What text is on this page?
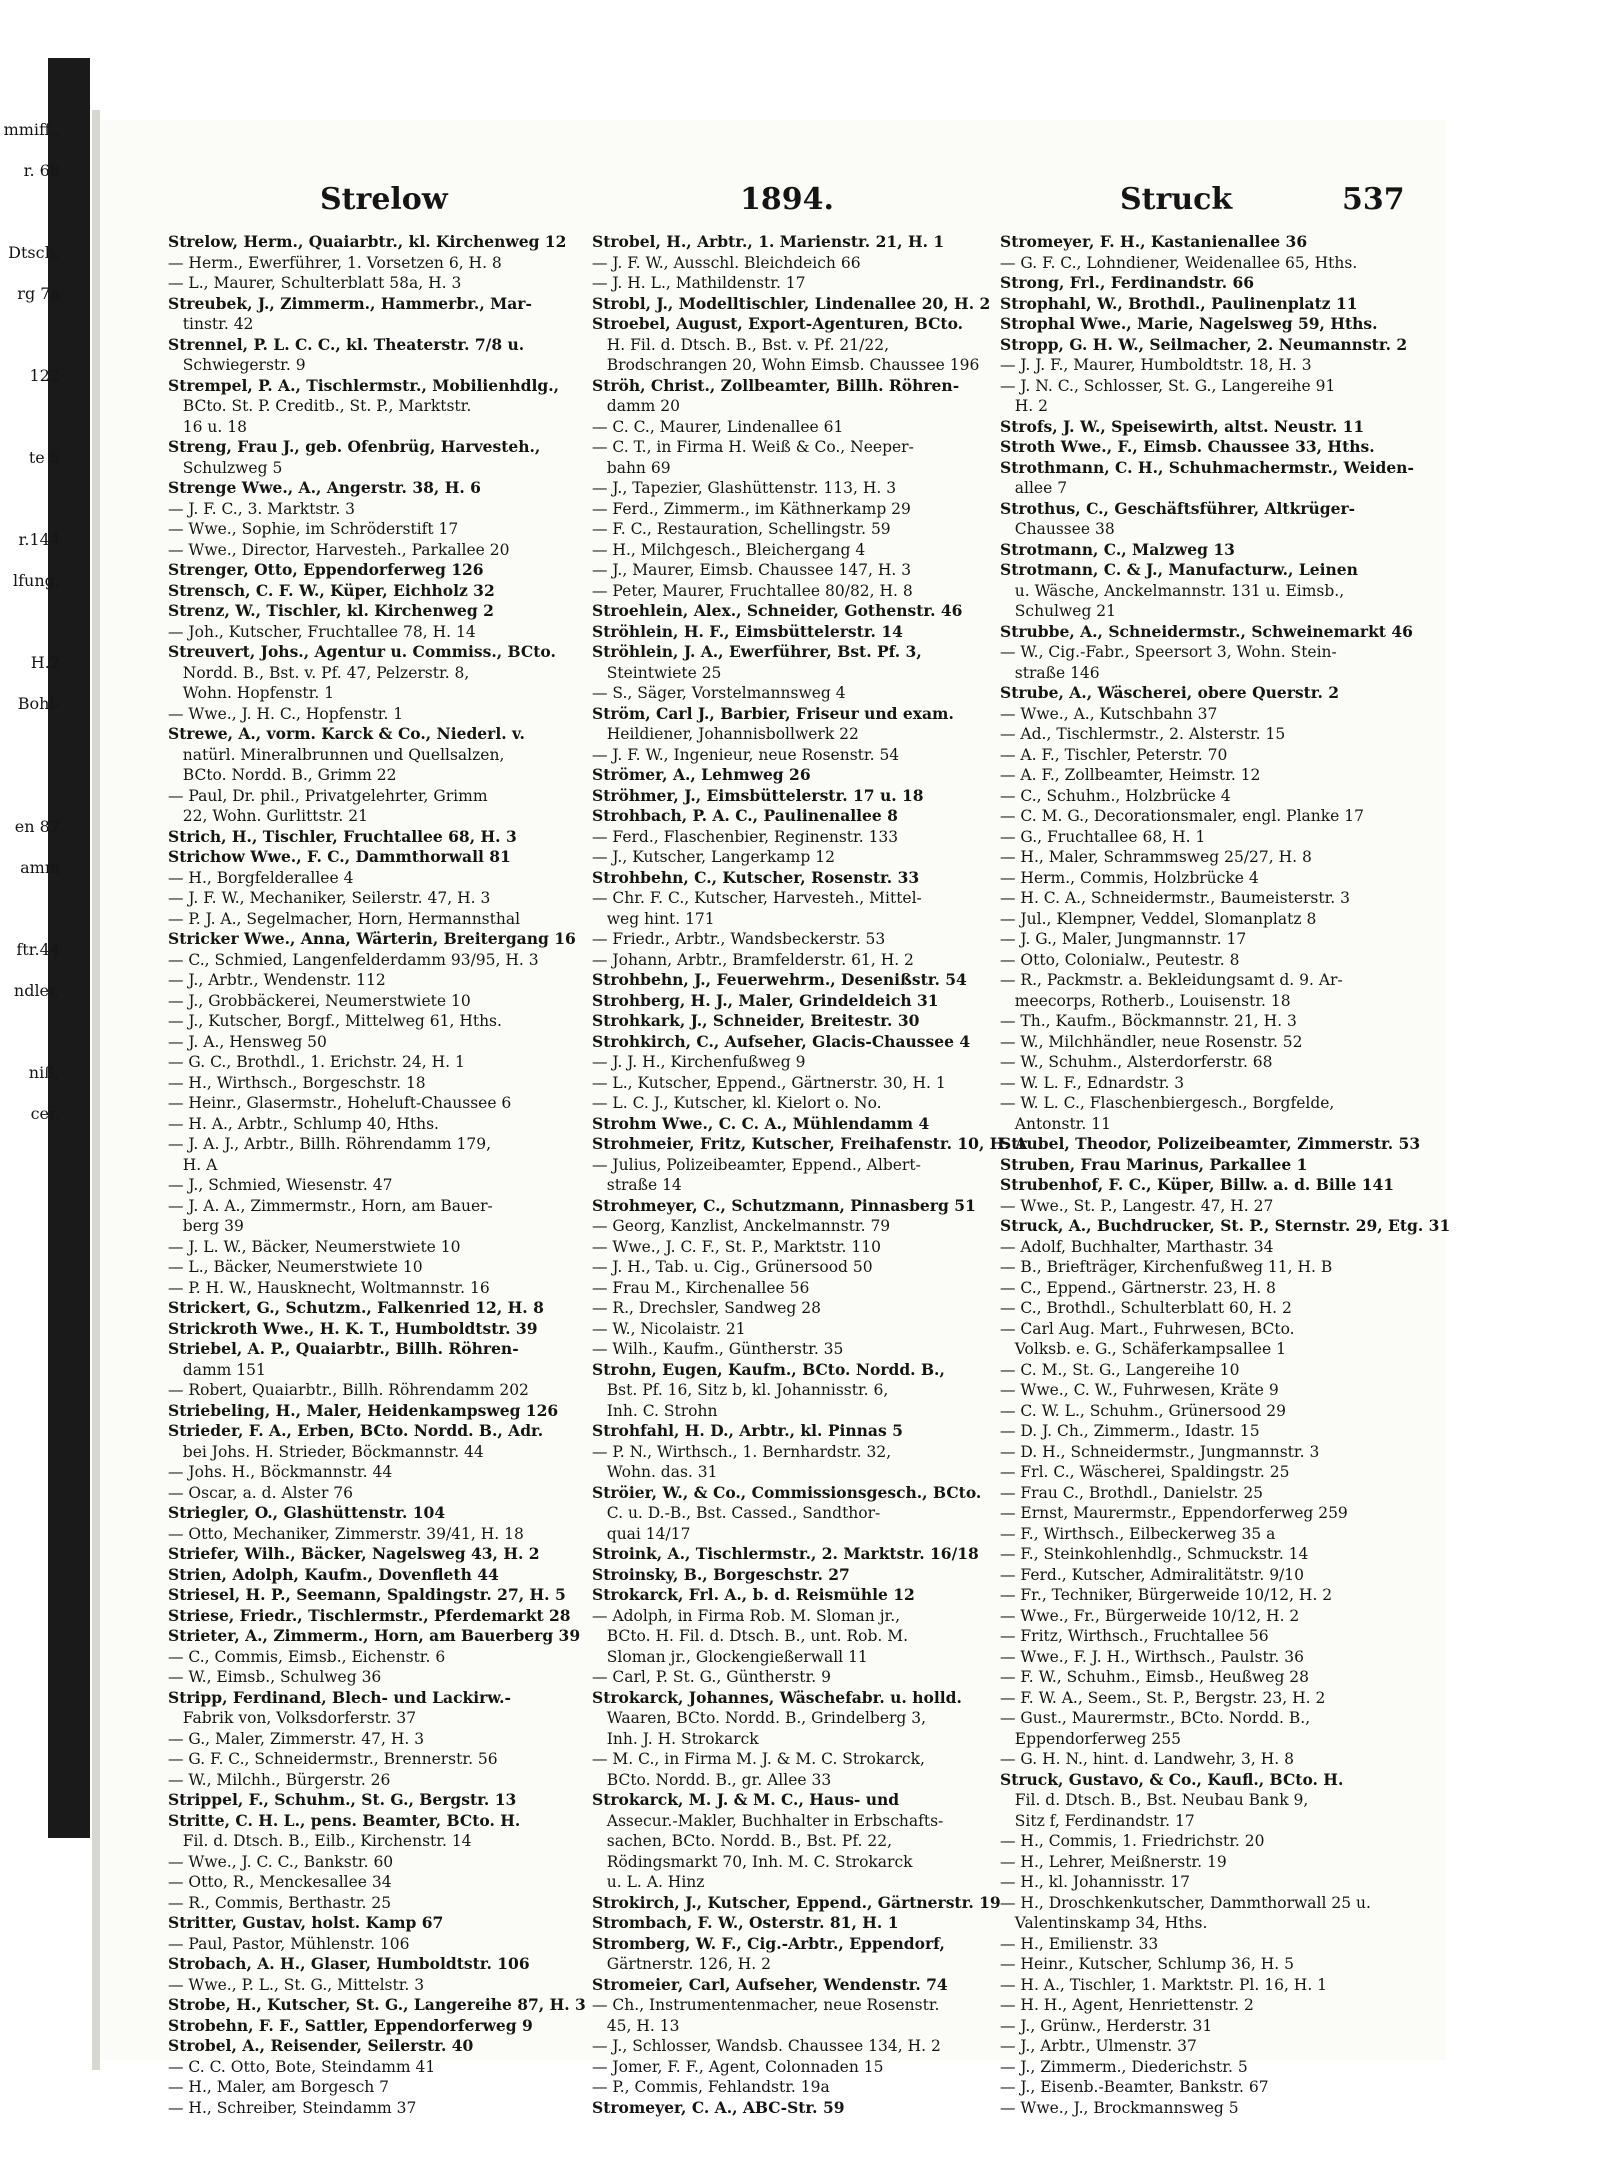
mmiff.,
r. 68
Dtsch.
rg 7a
122
te 5
r.144
lfung,
H.2
Bohl-
en 87
amm
ftr.44
ndler,
niß,
cer,
Strelow	1894.	Struck	537
Strelow, Herm., Quaiarbtr., kl. Kirchenweg 12
— Herm., Ewerführer, 1. Vorsetzen 6, H. 8
— L., Maurer, Schulterblatt 58a, H. 3
Streubek, J., Zimmerm., Hammerbr., Mar-
tinstr. 42
Strennel, P. L. C. C., kl. Theaterstr. 7/8 u.
Schwiegerstr. 9
Strempel, P. A., Tischlermstr., Mobilienhdlg.,
BCto. St. P. Creditb., St. P., Marktstr.
16 u. 18
Streng, Frau J., geb. Ofenbrüg, Harvesteh.,
Schulzweg 5
Strenge Wwe., A., Angerstr. 38, H. 6
— J. F. C., 3. Marktstr. 3
— Wwe., Sophie, im Schröderstift 17
— Wwe., Director, Harvesteh., Parkallee 20
Strenger, Otto, Eppendorferweg 126
Strensch, C. F. W., Küper, Eichholz 32
Strenz, W., Tischler, kl. Kirchenweg 2
— Joh., Kutscher, Fruchtallee 78, H. 14
Streuvert, Johs., Agentur u. Commiss., BCto.
Nordd. B., Bst. v. Pf. 47, Pelzerstr. 8,
Wohn. Hopfenstr. 1
— Wwe., J. H. C., Hopfenstr. 1
Strewe, A., vorm. Karck & Co., Niederl. v.
natürl. Mineralbrunnen und Quellsalzen,
BCto. Nordd. B., Grimm 22
— Paul, Dr. phil., Privatgelehrter, Grimm
22, Wohn. Gurlittstr. 21
Strich, H., Tischler, Fruchtallee 68, H. 3
Strichow Wwe., F. C., Dammthorwall 81
— H., Borgfelderallee 4
— J. F. W., Mechaniker, Seilerstr. 47, H. 3
— P. J. A., Segelmacher, Horn, Hermannsthal
Stricker Wwe., Anna, Wärterin, Breitergang 16
— C., Schmied, Langenfelderdamm 93/95, H. 3
— J., Arbtr., Wendenstr. 112
— J., Grobbäckerei, Neumerstwiete 10
— J., Kutscher, Borgf., Mittelweg 61, Hths.
— J. A., Hensweg 50
— G. C., Brothdl., 1. Erichstr. 24, H. 1
— H., Wirthsch., Borgeschstr. 18
— Heinr., Glasermstr., Hoheluft-Chaussee 6
— H. A., Arbtr., Schlump 40, Hths.
— J. A. J., Arbtr., Billh. Röhrendamm 179,
H. A
— J., Schmied, Wiesenstr. 47
— J. A. A., Zimmermstr., Horn, am Bauer-
berg 39
— J. L. W., Bäcker, Neumerstwiete 10
— L., Bäcker, Neumerstwiete 10
— P. H. W., Hausknecht, Woltmannstr. 16
Strickert, G., Schutzm., Falkenried 12, H. 8
Strickroth Wwe., H. K. T., Humboldtstr. 39
Striebel, A. P., Quaiarbtr., Billh. Röhren-
damm 151
— Robert, Quaiarbtr., Billh. Röhrendamm 202
Striebeling, H., Maler, Heidenkampsweg 126
Strieder, F. A., Erben, BCto. Nordd. B., Adr.
bei Johs. H. Strieder, Böckmannstr. 44
— Johs. H., Böckmannstr. 44
— Oscar, a. d. Alster 76
Striegler, O., Glashüttenstr. 104
— Otto, Mechaniker, Zimmerstr. 39/41, H. 18
Striefer, Wilh., Bäcker, Nagelsweg 43, H. 2
Strien, Adolph, Kaufm., Dovenfleth 44
Striesel, H. P., Seemann, Spaldingstr. 27, H. 5
Striese, Friedr., Tischlermstr., Pferdemarkt 28
Strieter, A., Zimmerm., Horn, am Bauerberg 39
— C., Commis, Eimsb., Eichenstr. 6
— W., Eimsb., Schulweg 36
Stripp, Ferdinand, Blech- und Lackirw.-
Fabrik von, Volksdorferstr. 37
— G., Maler, Zimmerstr. 47, H. 3
— G. F. C., Schneidermstr., Brennerstr. 56
— W., Milchh., Bürgerstr. 26
Strippel, F., Schuhm., St. G., Bergstr. 13
Stritte, C. H. L., pens. Beamter, BCto. H.
Fil. d. Dtsch. B., Eilb., Kirchenstr. 14
— Wwe., J. C. C., Bankstr. 60
— Otto, R., Menckesallee 34
— R., Commis, Berthastr. 25
Stritter, Gustav, holst. Kamp 67
— Paul, Pastor, Mühlenstr. 106
Strobach, A. H., Glaser, Humboldtstr. 106
— Wwe., P. L., St. G., Mittelstr. 3
Strobe, H., Kutscher, St. G., Langereihe 87, H. 3
Strobehn, F. F., Sattler, Eppendorferweg 9
Strobel, A., Reisender, Seilerstr. 40
— C. C. Otto, Bote, Steindamm 41
— H., Maler, am Borgesch 7
— H., Schreiber, Steindamm 37
Strobel, H., Arbtr., 1. Marienstr. 21, H. 1
— J. F. W., Ausschl. Bleichdeich 66
— J. H. L., Mathildenstr. 17
Strobl, J., Modelltischler, Lindenallee 20, H. 2
Stroebel, August, Export-Agenturen, BCto.
H. Fil. d. Dtsch. B., Bst. v. Pf. 21/22,
Brodschrangen 20, Wohn Eimsb. Chaussee 196
Ströh, Christ., Zollbeamter, Billh. Röhren-
damm 20
— C. C., Maurer, Lindenallee 61
— C. T., in Firma H. Weiß & Co., Neeper-
bahn 69
— J., Tapezier, Glashüttenstr. 113, H. 3
— Ferd., Zimmerm., im Käthnerkamp 29
— F. C., Restauration, Schellingstr. 59
— H., Milchgesch., Bleichergang 4
— J., Maurer, Eimsb. Chaussee 147, H. 3
— Peter, Maurer, Fruchtallee 80/82, H. 8
Stroehlein, Alex., Schneider, Gothenstr. 46
Ströhlein, H. F., Eimsbüttelerstr. 14
Ströhlein, J. A., Ewerführer, Bst. Pf. 3,
Steintwiete 25
— S., Säger, Vorstelmannsweg 4
Ström, Carl J., Barbier, Friseur und exam.
Heildiener, Johannisbollwerk 22
— J. F. W., Ingenieur, neue Rosenstr. 54
Strömer, A., Lehmweg 26
Ströhmer, J., Eimsbüttelerstr. 17 u. 18
Strohbach, P. A. C., Paulinenallee 8
— Ferd., Flaschenbier, Reginenstr. 133
— J., Kutscher, Langerkamp 12
Strohbehn, C., Kutscher, Rosenstr. 33
— Chr. F. C., Kutscher, Harvesteh., Mittel-
weg hint. 171
— Friedr., Arbtr., Wandsbeckerstr. 53
— Johann, Arbtr., Bramfelderstr. 61, H. 2
Strohbehn, J., Feuerwehrm., Desenißstr. 54
Strohberg, H. J., Maler, Grindeldeich 31
Strohkark, J., Schneider, Breitestr. 30
Strohkirch, C., Aufseher, Glacis-Chaussee 4
— J. J. H., Kirchenfußweg 9
— L., Kutscher, Eppend., Gärtnerstr. 30, H. 1
— L. C. J., Kutscher, kl. Kielort o. No.
Strohm Wwe., C. C. A., Mühlendamm 4
Strohmeier, Fritz, Kutscher, Freihafenstr. 10, H. A
— Julius, Polizeibeamter, Eppend., Albert-
straße 14
Strohmeyer, C., Schutzmann, Pinnasberg 51
— Georg, Kanzlist, Anckelmannstr. 79
— Wwe., J. C. F., St. P., Marktstr. 110
— J. H., Tab. u. Cig., Grünersood 50
— Frau M., Kirchenallee 56
— R., Drechsler, Sandweg 28
— W., Nicolaistr. 21
— Wilh., Kaufm., Güntherstr. 35
Strohn, Eugen, Kaufm., BCto. Nordd. B.,
Bst. Pf. 16, Sitz b, kl. Johannisstr. 6,
Inh. C. Strohn
Strohfahl, H. D., Arbtr., kl. Pinnas 5
— P. N., Wirthsch., 1. Bernhardstr. 32,
Wohn. das. 31
Ströier, W., & Co., Commissionsgesch., BCto.
C. u. D.-B., Bst. Cassed., Sandthor-
quai 14/17
Stroink, A., Tischlermstr., 2. Marktstr. 16/18
Stroinsky, B., Borgeschstr. 27
Strokarck, Frl. A., b. d. Reismühle 12
— Adolph, in Firma Rob. M. Sloman jr.,
BCto. H. Fil. d. Dtsch. B., unt. Rob. M.
Sloman jr., Glockengießerwall 11
— Carl, P. St. G., Güntherstr. 9
Strokarck, Johannes, Wäschefabr. u. holld.
Waaren, BCto. Nordd. B., Grindelberg 3,
Inh. J. H. Strokarck
— M. C., in Firma M. J. & M. C. Strokarck,
BCto. Nordd. B., gr. Allee 33
Strokarck, M. J. & M. C., Haus- und
Assecur.-Makler, Buchhalter in Erbschafts-
sachen, BCto. Nordd. B., Bst. Pf. 22,
Rödingsmarkt 70, Inh. M. C. Strokarck
u. L. A. Hinz
Strokirch, J., Kutscher, Eppend., Gärtnerstr. 19
Strombach, F. W., Osterstr. 81, H. 1
Stromberg, W. F., Cig.-Arbtr., Eppendorf,
Gärtnerstr. 126, H. 2
Stromeier, Carl, Aufseher, Wendenstr. 74
— Ch., Instrumentenmacher, neue Rosenstr.
45, H. 13
— J., Schlosser, Wandsb. Chaussee 134, H. 2
— Jomer, F. F., Agent, Colonnaden 15
— P., Commis, Fehlandstr. 19a
Stromeyer, C. A., ABC-Str. 59
Stromeyer, F. H., Kastanienallee 36
— G. F. C., Lohndiener, Weidenallee 65, Hths.
Strong, Frl., Ferdinandstr. 66
Strophahl, W., Brothdl., Paulinenplatz 11
Strophal Wwe., Marie, Nagelsweg 59, Hths.
Stropp, G. H. W., Seilmacher, 2. Neumannstr. 2
— J. J. F., Maurer, Humboldtstr. 18, H. 3
— J. N. C., Schlosser, St. G., Langereihe 91
H. 2
Strofs, J. W., Speisewirth, altst. Neustr. 11
Stroth Wwe., F., Eimsb. Chaussee 33, Hths.
Strothmann, C. H., Schuhmachermstr., Weiden-
allee 7
Strothus, C., Geschäftsführer, Altkrüger-
Chaussee 38
Strotmann, C., Malzweg 13
Strotmann, C. & J., Manufacturw., Leinen
u. Wäsche, Anckelmannstr. 131 u. Eimsb.,
Schulweg 21
Strubbe, A., Schneidermstr., Schweinemarkt 46
— W., Cig.-Fabr., Speersort 3, Wohn. Stein-
straße 146
Strube, A., Wäscherei, obere Querstr. 2
— Wwe., A., Kutschbahn 37
— Ad., Tischlermstr., 2. Alsterstr. 15
— A. F., Tischler, Peterstr. 70
— A. F., Zollbeamter, Heimstr. 12
— C., Schuhm., Holzbrücke 4
— C. M. G., Decorationsmaler, engl. Planke 17
— G., Fruchtallee 68, H. 1
— H., Maler, Schrammsweg 25/27, H. 8
— Herm., Commis, Holzbrücke 4
— H. C. A., Schneidermstr., Baumeisterstr. 3
— Jul., Klempner, Veddel, Slomanplatz 8
— J. G., Maler, Jungmannstr. 17
— Otto, Colonialw., Peutestr. 8
— R., Packmstr. a. Bekleidungsamt d. 9. Ar-
meecorps, Rotherb., Louisenstr. 18
— Th., Kaufm., Böckmannstr. 21, H. 3
— W., Milchhändler, neue Rosenstr. 52
— W., Schuhm., Alsterdorferstr. 68
— W. L. F., Ednardstr. 3
— W. L. C., Flaschenbiergesch., Borgfelde,
Antonstr. 11
Strubel, Theodor, Polizeibeamter, Zimmerstr. 53
Struben, Frau Marinus, Parkallee 1
Strubenhof, F. C., Küper, Billw. a. d. Bille 141
— Wwe., St. P., Langestr. 47, H. 27
Struck, A., Buchdrucker, St. P., Sternstr. 29, Etg. 31
— Adolf, Buchhalter, Marthastr. 34
— B., Briefträger, Kirchenfußweg 11, H. B
— C., Eppend., Gärtnerstr. 23, H. 8
— C., Brothdl., Schulterblatt 60, H. 2
— Carl Aug. Mart., Fuhrwesen, BCto.
Volksb. e. G., Schäferkampsallee 1
— C. M., St. G., Langereihe 10
— Wwe., C. W., Fuhrwesen, Kräte 9
— C. W. L., Schuhm., Grünersood 29
— D. J. Ch., Zimmerm., Idastr. 15
— D. H., Schneidermstr., Jungmannstr. 3
— Frl. C., Wäscherei, Spaldingstr. 25
— Frau C., Brothdl., Danielstr. 25
— Ernst, Maurermstr., Eppendorferweg 259
— F., Wirthsch., Eilbeckerweg 35 a
— F., Steinkohlenhdlg., Schmuckstr. 14
— Ferd., Kutscher, Admiralitätstr. 9/10
— Fr., Techniker, Bürgerweide 10/12, H. 2
— Wwe., Fr., Bürgerweide 10/12, H. 2
— Fritz, Wirthsch., Fruchtallee 56
— Wwe., F. J. H., Wirthsch., Paulstr. 36
— F. W., Schuhm., Eimsb., Heußweg 28
— F. W. A., Seem., St. P., Bergstr. 23, H. 2
— Gust., Maurermstr., BCto. Nordd. B.,
Eppendorferweg 255
— G. H. N., hint. d. Landwehr, 3, H. 8
Struck, Gustavo, & Co., Kaufl., BCto. H.
Fil. d. Dtsch. B., Bst. Neubau Bank 9,
Sitz f, Ferdinandstr. 17
— H., Commis, 1. Friedrichstr. 20
— H., Lehrer, Meißnerstr. 19
— H., kl. Johannisstr. 17
— H., Droschkenkutscher, Dammthorwall 25 u.
Valentinskamp 34, Hths.
— H., Emilienstr. 33
— Heinr., Kutscher, Schlump 36, H. 5
— H. A., Tischler, 1. Marktstr. Pl. 16, H. 1
— H. H., Agent, Henriettenstr. 2
— J., Grünw., Herderstr. 31
— J., Arbtr., Ulmenstr. 37
— J., Zimmerm., Diederichstr. 5
— J., Eisenb.-Beamter, Bankstr. 67
— Wwe., J., Brockmannsweg 5
